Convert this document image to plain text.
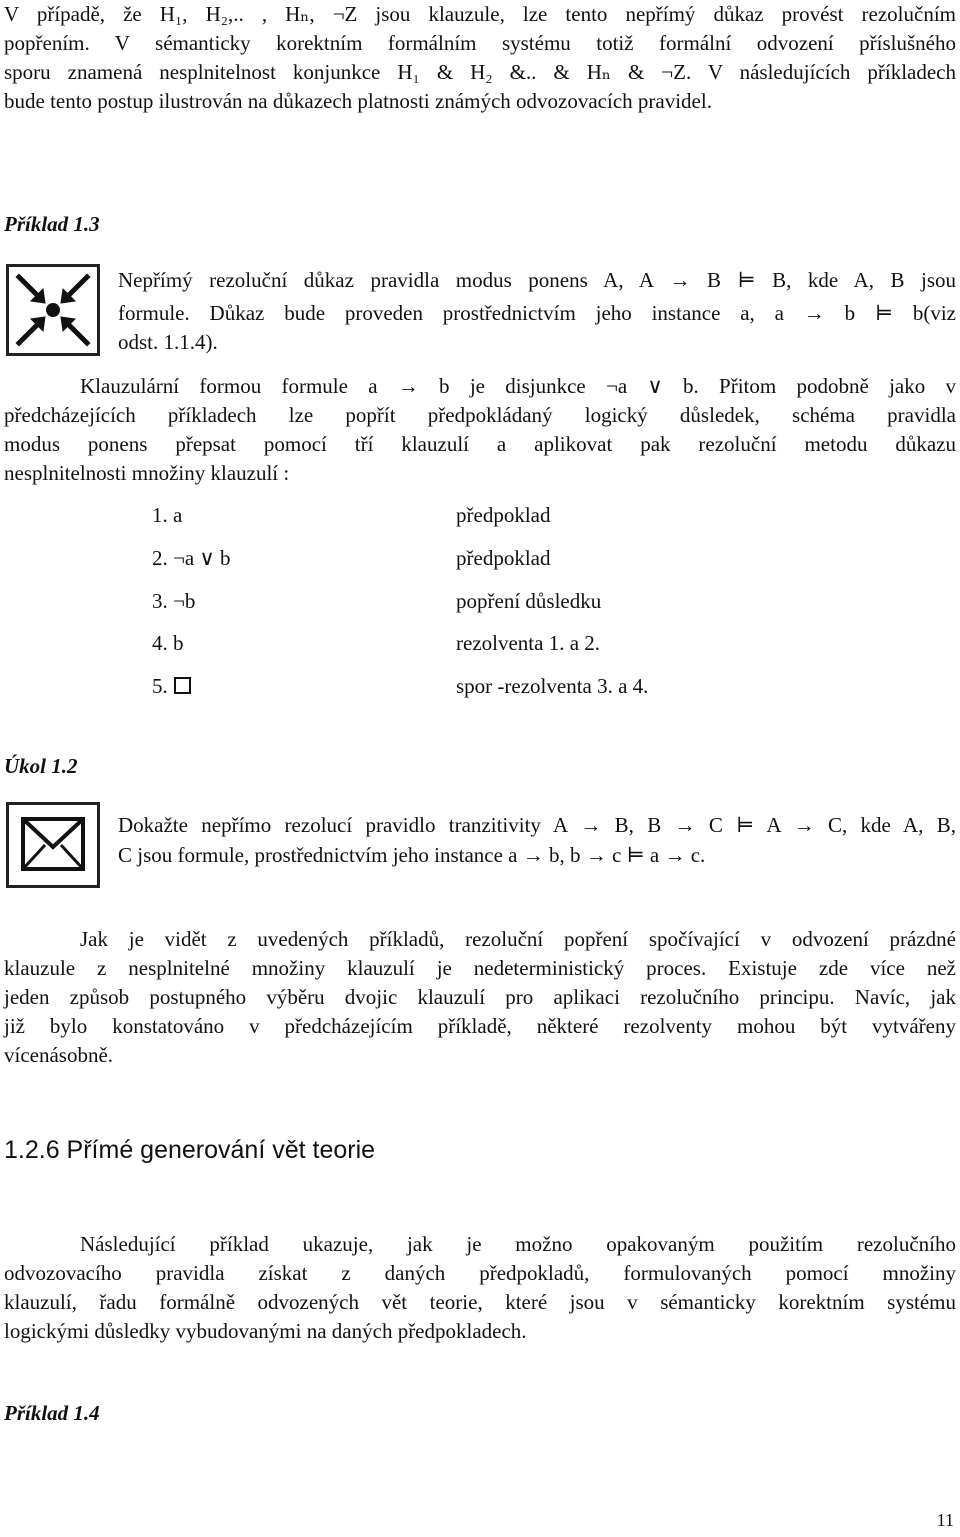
V případě, že H₁, H₂,.. , Hₙ, ¬Z jsou klauzule, lze tento nepřímý důkaz provést rezolučním
popřením. V sémanticky korektním formálním systému totiž formální odvození příslušného
sporu znamená nesplnitelnost konjunkce H₁ & H₂ &.. & Hₙ & ¬Z. V následujících příkladech
bude tento postup ilustrován na důkazech platnosti známých odvozovacích pravidel.
Příklad 1.3
Nepřímý rezoluční důkaz pravidla modus ponens A, A → B ⊨ B, kde A, B jsou
formule. Důkaz bude proveden prostřednictvím jeho instance a, a → b ⊨ b(viz
odst. 1.1.4).
Klauzulární formou formule a → b je disjunkce ¬a ∨ b. Přitom podobně jako v
předcházejících příkladech lze popřít předpokládaný logický důsledek, schéma pravidla
modus ponens přepsat pomocí tří klauzulí a aplikovat pak rezoluční metodu důkazu
nesplnitelnosti množiny klauzulí :
1. a	předpoklad
2. ¬a ∨ b	předpoklad
3. ¬b	popření důsledku
4. b	rezolventa 1. a 2.
5.	spor -rezolventa 3. a 4.
Úkol 1.2
Dokažte nepřímo rezolucí pravidlo tranzitivity A → B, B → C ⊨ A → C, kde A, B,
C jsou formule, prostřednictvím jeho instance a → b, b → c ⊨ a → c.
Jak je vidět z uvedených příkladů, rezoluční popření spočívající v odvození prázdné
klauzule z nesplnitelné množiny klauzulí je nedeterministický proces. Existuje zde více než
jeden způsob postupného výběru dvojic klauzulí pro aplikaci rezolučního principu. Navíc, jak
již bylo konstatováno v předcházejícím příkladě, některé rezolventy mohou být vytvářeny
vícenásobně.
1.2.6 Přímé generování vět teorie
Následující příklad ukazuje, jak je možno opakovaným použitím rezolučního
odvozovacího pravidla získat z daných předpokladů, formulovaných pomocí množiny
klauzulí, řadu formálně odvozených vět teorie, které jsou v sémanticky korektním systému
logickými důsledky vybudovanými na daných předpokladech.
Příklad 1.4
11
